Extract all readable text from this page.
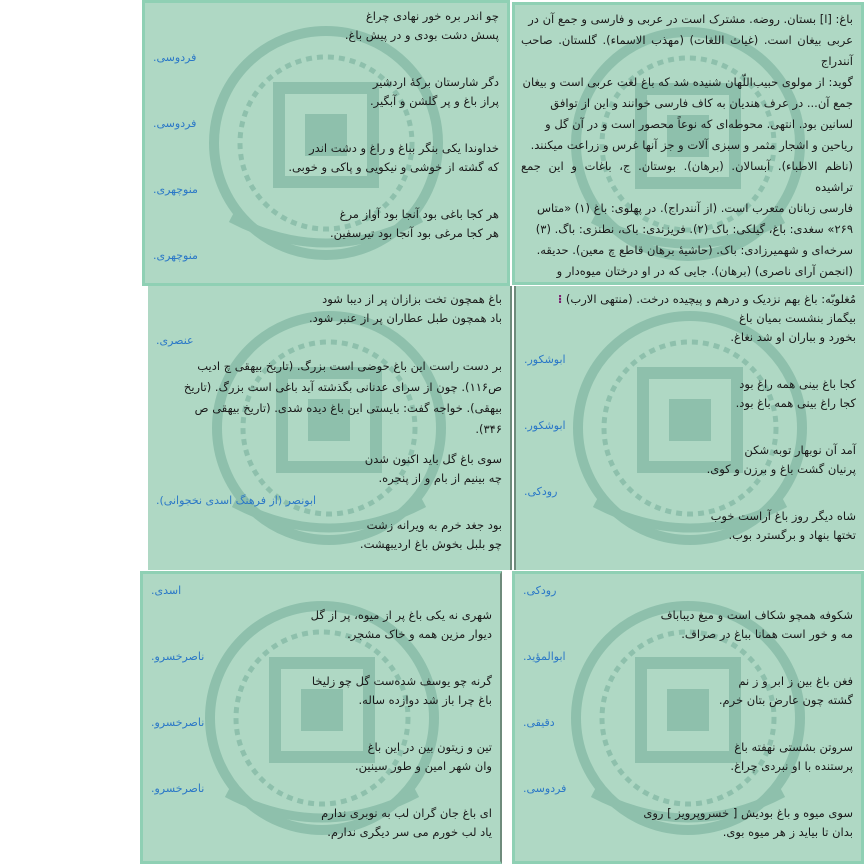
باغ: [ا] بستان. روضه. مشترک است در عربی و فارسی و جمع آن در
عربی بیغان است. (غیاث اللغات) (مهذب الاسماء). گلستان. صاحب آنندراج
گوید: از مولوی حبیب‌اللّهان شنیده شد که باغ لغت عربی است و بیغان
جمع آن... در عرف هندیان به کاف فارسی خوانند و این از توافق
لسانین بود. انتهی. محوطه‌ای که نوعاً محصور است و در آن گل و
ریاحین و اشجار مثمر و سبزی آلات و جز آنها غرس و زراعت میکنند.
(ناظم الاطباء). آبسالان. (برهان). بوستان. ج، باغات و این جمع تراشیده
فارسی زبانان متعرب است. (از آنندراج). در پهلوی: باغ (۱) «متاس
۲۶۹» سغدی: باغ، گیلکی: باک (۲). فریزندی: باک، نطنزی: باگ. (۳)
سرخه‌ای و شهمیرزادی: باک. (حاشیهٔ برهان قاطع چ معین). حدیقه.
(انجمن آرای ناصری) (برهان). جایی که در او درختان میوه‌دار و
چو اندر بره خور نهادی چراغ
پسش دشت بودی و در پیش باغ.
فردوسی.
دگر شارستان برکهٔ اردشیر
پراز باغ و پر گلشن و آبگیر.
فردوسی.
خداوندا یکی بنگر بباغ و راغ و دشت اندر
که گشته از خوشی و نیکویی و پاکی و خوبی.
منوچهری.
هر کجا باغی بود آنجا بود آواز مرغ
هر کجا مرغی بود آنجا بود تیرسفین.
منوچهری.
مُغلوبّه: باغ بهم نزدیک و درهم و پیچیده درخت. (منتهی الارب) ⁝
بیگماز بنشست بمیان باغ
بخورد و بباران او شد نغاغ.
ابوشکور.
کجا باغ بینی همه راغ بود
کجا راغ بینی همه باغ بود.
ابوشکور.
آمد آن نوبهار توبه شکن
پرنیان گشت باغ و برزن و کوی.
رودکی.
شاه دیگر روز باغ آراست خوب
تختها بنهاد و برگسترد بوب.
باغ همچون تخت بزازان پر از دیبا شود
باد همچون طبل عطاران پر از عنبر شود.
عنصری.
بر دست راست این باغ حوضی است بزرگ. (تاریخ بیهقی چ ادیب
ص۱۱۶). چون از سرای عدنانی بگذشته آید باغی است بزرگ. (تاریخ
بیهقی). خواجه گفت: بایستی این باغ دیده شدی. (تاریخ بیهقی ص
۳۴۶).
سوی باغ گل باید اکنون شدن
چه بینیم از بام و از پنجره.
ابونصر (از فرهنگ اسدی نخجوانی).
بود جغد خرم به ویرانه زشت
چو بلبل بخوش باغ اردیبهشت.
رودکی.
شکوفه همچو شکاف است و میغ دیباباف
مه و خور است همانا بباغ در صراف.
ابوالمؤید.
فغن باغ بین ز ابر و ز نم
گشته چون عارض بتان خرم.
دقیقی.
سروتن بشستی نهفته باغ
پرستنده با او نبردی چراغ.
فردوسی.
سوی میوه و باغ بودیش [ خسروپرویز ] روی
بدان تا بیاید ز هر میوه بوی.
اسدی.
شهری نه یکی باغ پر از میوه، پر از گل
دیوار مزین همه و خاک مشجر.
ناصرخسرو.
گرنه چو یوسف شده‌ست گل چو زلیخا
باغ چرا باز شد دوازده ساله.
ناصرخسرو.
تین و زیتون بین در این باغ
وان شهر امین و طور سینین.
ناصرخسرو.
ای باغ جان گران لب به نوبری ندارم
یاد لب خورم می سر دیگری ندارم.
